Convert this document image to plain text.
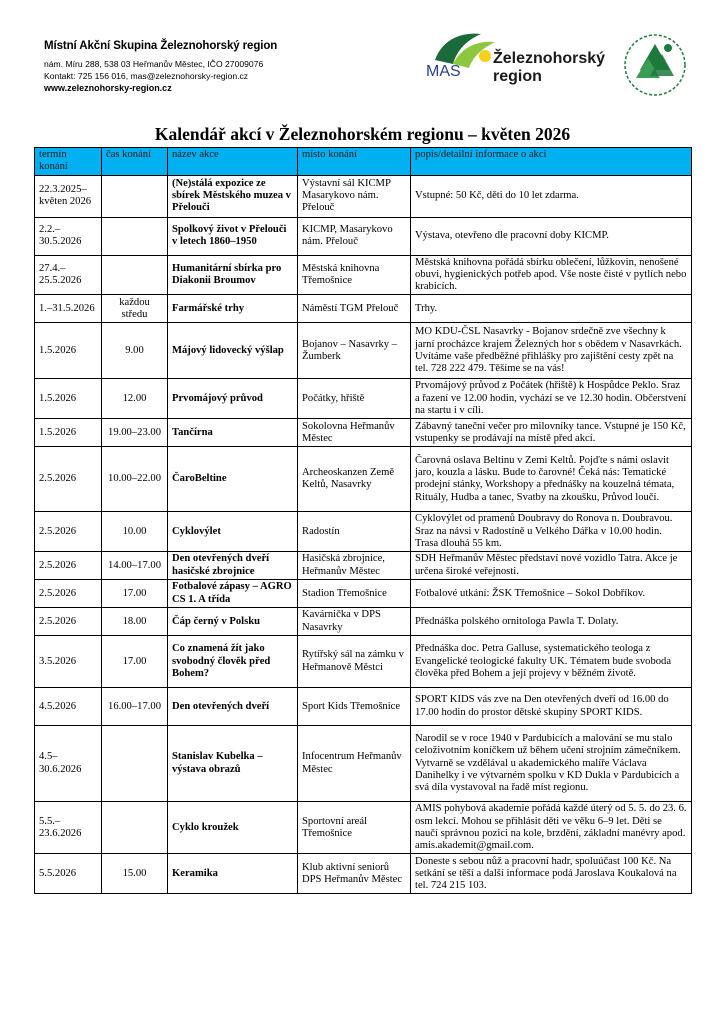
Místní Akční Skupina Železnohorský region
nám. Míru 288, 538 03 Heřmanův Městec, IČO 27009076
Kontakt: 725 156 016, mas@zeleznohorsky-region.cz
www.zeleznohorsky-region.cz
MAS
Železnohorský
region
Kalendář akcí v Železnohorském regionu – květen 2026
termín konání	čas konání	název akce	místo konání	popis/detailní informace o akci
22.3.2025–květen 2026		(Ne)stálá expozice ze sbírek Městského muzea v Přelouči	Výstavní sál KICMP Masarykovo nám. Přelouč	Vstupné: 50 Kč, děti do 10 let zdarma.
2.2.–30.5.2026		Spolkový život v Přelouči v letech 1860–1950	KICMP, Masarykovo nám. Přelouč	Výstava, otevřeno dle pracovní doby KICMP.
27.4.–25.5.2026		Humanitární sbírka pro Diakonii Broumov	Městská knihovna Třemošnice	Městská knihovna pořádá sbírku oblečení, lůžkovin, nenošené obuvi, hygienických potřeb apod. Vše noste čisté v pytlích nebo krabicích.
1.–31.5.2026	každou středu	Farmářské trhy	Náměstí TGM Přelouč	Trhy.
1.5.2026	9.00	Májový lidovecký výšlap	Bojanov – Nasavrky – Žumberk	MO KDU-ČSL Nasavrky - Bojanov srdečně zve všechny k jarní procházce krajem Železných hor s obědem v Nasavrkách. Uvítáme vaše předběžné přihlášky pro zajištění cesty zpět na tel. 728 222 479. Těšíme se na vás!
1.5.2026	12.00	Prvomájový průvod	Počátky, hřiště	Prvomájový průvod z Počátek (hřiště) k Hospůdce Peklo. Sraz a řazení ve 12.00 hodin, vychází se ve 12.30 hodin. Občerstvení na startu i v cíli.
1.5.2026	19.00–23.00	Tančírna	Sokolovna Heřmanův Městec	Zábavný taneční večer pro milovníky tance. Vstupné je 150 Kč, vstupenky se prodávají na místě před akcí.
2.5.2026	10.00–22.00	ČaroBeltine	Archeoskanzen Země Keltů, Nasavrky	Čarovná oslava Beltinu v Zemi Keltů. Pojďte s námi oslavit jaro, kouzla a lásku. Bude to čarovné! Čeká nás: Tematické prodejní stánky, Workshopy a přednášky na kouzelná témata, Rituály, Hudba a tanec, Svatby na zkoušku, Průvod loučí.
2.5.2026	10.00	Cyklovýlet	Radostín	Cyklovýlet od pramenů Doubravy do Ronova n. Doubravou. Sraz na návsi v Radostíně u Velkého Dářka v 10.00 hodin. Trasa dlouhá 55 km.
2.5.2026	14.00–17.00	Den otevřených dveří hasičské zbrojnice	Hasičská zbrojnice, Heřmanův Městec	SDH Heřmanův Městec představí nové vozidlo Tatra. Akce je určena široké veřejnosti.
2.5.2026	17.00	Fotbalové zápasy – AGRO CS 1. A třída	Stadion Třemošnice	Fotbalové utkání: ŽSK Třemošnice – Sokol Dobříkov.
2.5.2026	18.00	Čáp černý v Polsku	Kavárnička v DPS Nasavrky	Přednáška polského ornitologa Pawla T. Dolaty.
3.5.2026	17.00	Co znamená žít jako svobodný člověk před Bohem?	Rytířský sál na zámku v Heřmanově Městci	Přednáška doc. Petra Galluse, systematického teologa z Evangelické teologické fakulty UK. Tématem bude svoboda člověka před Bohem a její projevy v běžném životě.
4.5.2026	16.00–17.00	Den otevřených dveří	Sport Kids Třemošnice	SPORT KIDS vás zve na Den otevřených dveří od 16.00 do 17.00 hodin do prostor dětské skupiny SPORT KIDS.
4.5–30.6.2026		Stanislav Kubelka – výstava obrazů	Infocentrum Heřmanův Městec	Narodil se v roce 1940 v Pardubicích a malování se mu stalo celoživotním koníčkem už během učení strojním zámečníkem. Vytvarně se vzdělával u akademického malíře Václava Danihelky i ve výtvarném spolku v KD Dukla v Pardubicích a svá díla vystavoval na řadě míst regionu.
5.5.–23.6.2026		Cyklo kroužek	Sportovní areál Třemošnice	AMIS pohybová akademie pořádá každé úterý od 5. 5. do 23. 6. osm lekcí. Mohou se přihlásit děti ve věku 6–9 let. Děti se naučí správnou pozici na kole, brzdění, základní manévry apod. amis.akademit@gmail.com.
5.5.2026	15.00	Keramika	Klub aktivní seniorů DPS Heřmanův Městec	Doneste s sebou nůž a pracovní hadr, spoluúčast 100 Kč. Na setkání se těší a další informace podá Jaroslava Koukalová na tel. 724 215 103.
